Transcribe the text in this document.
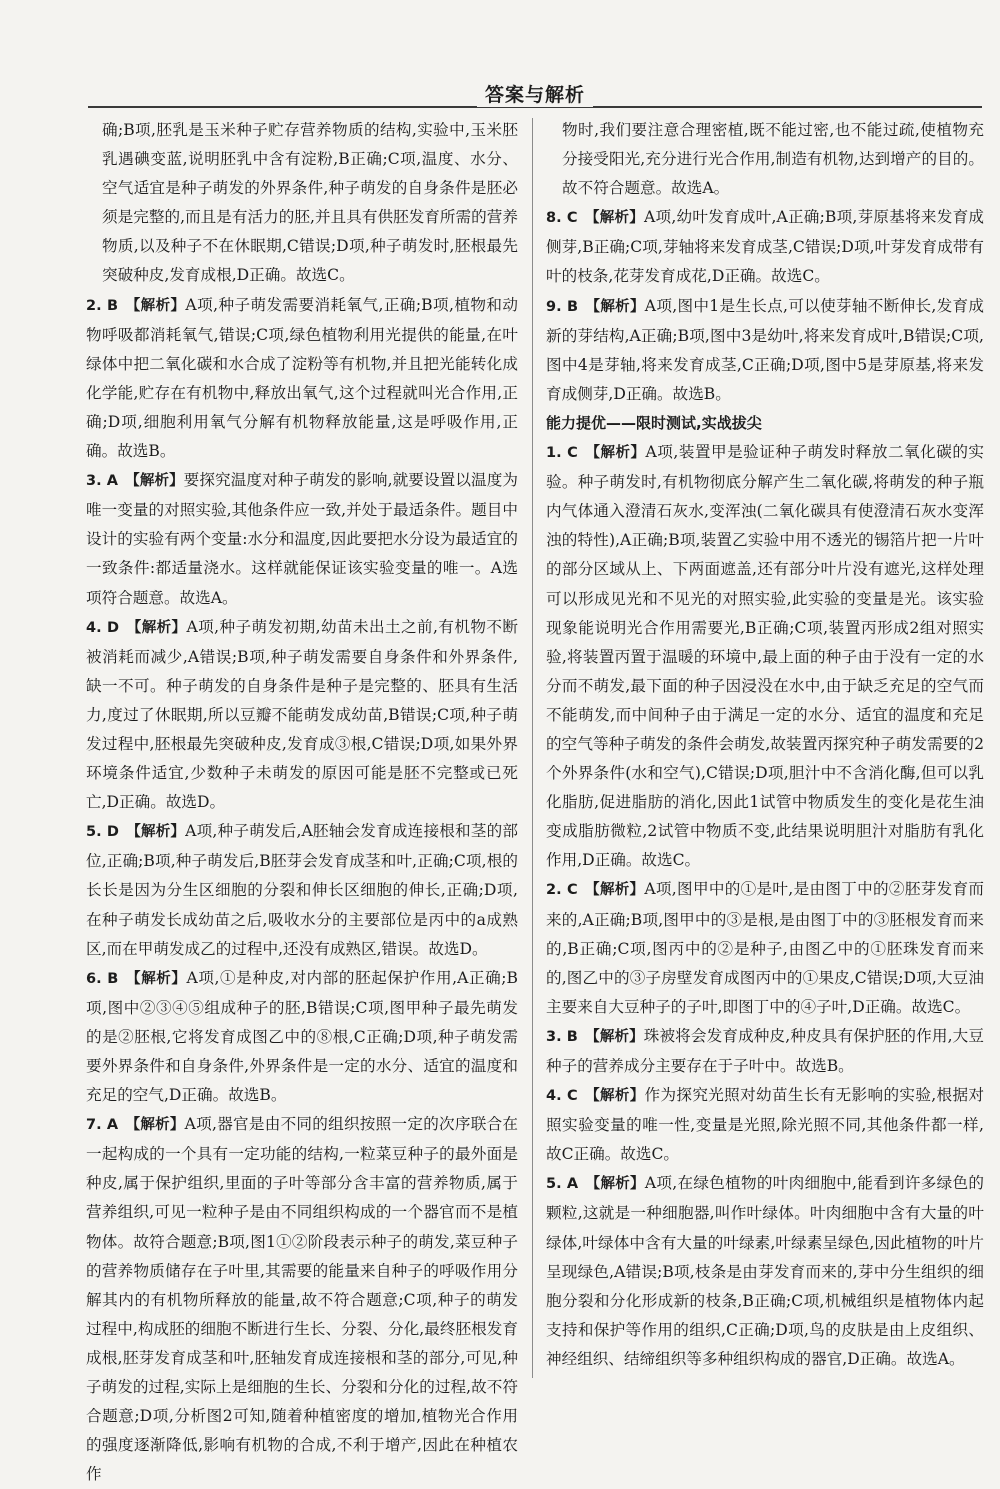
答案与解析

确;B项,胚乳是玉米种子贮存营养物质的结构,实验中,玉米胚乳遇碘变蓝,说明胚乳中含有淀粉,B正确;C项,温度、水分、空气适宜是种子萌发的外界条件,种子萌发的自身条件是胚必须是完整的,而且是有活力的胚,并且具有供胚发育所需的营养物质,以及种子不在休眠期,C错误;D项,种子萌发时,胚根最先突破种皮,发育成根,D正确。故选C。

2. B 【解析】A项,种子萌发需要消耗氧气,正确;B项,植物和动物呼吸都消耗氧气,错误;C项,绿色植物利用光提供的能量,在叶绿体中把二氧化碳和水合成了淀粉等有机物,并且把光能转化成化学能,贮存在有机物中,释放出氧气,这个过程就叫光合作用,正确;D项,细胞利用氧气分解有机物释放能量,这是呼吸作用,正确。故选B。

3. A 【解析】要探究温度对种子萌发的影响,就要设置以温度为唯一变量的对照实验,其他条件应一致,并处于最适条件。题目中设计的实验有两个变量:水分和温度,因此要把水分设为最适宜的一致条件:都适量浇水。这样就能保证该实验变量的唯一。A选项符合题意。故选A。

4. D 【解析】A项,种子萌发初期,幼苗未出土之前,有机物不断被消耗而减少,A错误;B项,种子萌发需要自身条件和外界条件,缺一不可。种子萌发的自身条件是种子是完整的、胚具有生活力,度过了休眠期,所以豆瓣不能萌发成幼苗,B错误;C项,种子萌发过程中,胚根最先突破种皮,发育成③根,C错误;D项,如果外界环境条件适宜,少数种子未萌发的原因可能是胚不完整或已死亡,D正确。故选D。

5. D 【解析】A项,种子萌发后,A胚轴会发育成连接根和茎的部位,正确;B项,种子萌发后,B胚芽会发育成茎和叶,正确;C项,根的长长是因为分生区细胞的分裂和伸长区细胞的伸长,正确;D项,在种子萌发长成幼苗之后,吸收水分的主要部位是丙中的a成熟区,而在甲萌发成乙的过程中,还没有成熟区,错误。故选D。

6. B 【解析】A项,①是种皮,对内部的胚起保护作用,A正确;B项,图中②③④⑤组成种子的胚,B错误;C项,图甲种子最先萌发的是②胚根,它将发育成图乙中的⑧根,C正确;D项,种子萌发需要外界条件和自身条件,外界条件是一定的水分、适宜的温度和充足的空气,D正确。故选B。

7. A 【解析】A项,器官是由不同的组织按照一定的次序联合在一起构成的一个具有一定功能的结构,一粒菜豆种子的最外面是种皮,属于保护组织,里面的子叶等部分含丰富的营养物质,属于营养组织,可见一粒种子是由不同组织构成的一个器官而不是植物体。故符合题意;B项,图1①②阶段表示种子的萌发,菜豆种子的营养物质储存在子叶里,其需要的能量来自种子的呼吸作用分解其内的有机物所释放的能量,故不符合题意;C项,种子的萌发过程中,构成胚的细胞不断进行生长、分裂、分化,最终胚根发育成根,胚芽发育成茎和叶,胚轴发育成连接根和茎的部分,可见,种子萌发的过程,实际上是细胞的生长、分裂和分化的过程,故不符合题意;D项,分析图2可知,随着种植密度的增加,植物光合作用的强度逐渐降低,影响有机物的合成,不利于增产,因此在种植农作

物时,我们要注意合理密植,既不能过密,也不能过疏,使植物充分接受阳光,充分进行光合作用,制造有机物,达到增产的目的。故不符合题意。故选A。

8. C 【解析】A项,幼叶发育成叶,A正确;B项,芽原基将来发育成侧芽,B正确;C项,芽轴将来发育成茎,C错误;D项,叶芽发育成带有叶的枝条,花芽发育成花,D正确。故选C。

9. B 【解析】A项,图中1是生长点,可以使芽轴不断伸长,发育成新的芽结构,A正确;B项,图中3是幼叶,将来发育成叶,B错误;C项,图中4是芽轴,将来发育成茎,C正确;D项,图中5是芽原基,将来发育成侧芽,D正确。故选B。

能力提优——限时测试,实战拔尖

1. C 【解析】A项,装置甲是验证种子萌发时释放二氧化碳的实验。种子萌发时,有机物彻底分解产生二氧化碳,将萌发的种子瓶内气体通入澄清石灰水,变浑浊(二氧化碳具有使澄清石灰水变浑浊的特性),A正确;B项,装置乙实验中用不透光的锡箔片把一片叶的部分区域从上、下两面遮盖,还有部分叶片没有遮光,这样处理可以形成见光和不见光的对照实验,此实验的变量是光。该实验现象能说明光合作用需要光,B正确;C项,装置丙形成2组对照实验,将装置丙置于温暖的环境中,最上面的种子由于没有一定的水分而不萌发,最下面的种子因浸没在水中,由于缺乏充足的空气而不能萌发,而中间种子由于满足一定的水分、适宜的温度和充足的空气等种子萌发的条件会萌发,故装置丙探究种子萌发需要的2个外界条件(水和空气),C错误;D项,胆汁中不含消化酶,但可以乳化脂肪,促进脂肪的消化,因此1试管中物质发生的变化是花生油变成脂肪微粒,2试管中物质不变,此结果说明胆汁对脂肪有乳化作用,D正确。故选C。

2. C 【解析】A项,图甲中的①是叶,是由图丁中的②胚芽发育而来的,A正确;B项,图甲中的③是根,是由图丁中的③胚根发育而来的,B正确;C项,图丙中的②是种子,由图乙中的①胚珠发育而来的,图乙中的③子房壁发育成图丙中的①果皮,C错误;D项,大豆油主要来自大豆种子的子叶,即图丁中的④子叶,D正确。故选C。

3. B 【解析】珠被将会发育成种皮,种皮具有保护胚的作用,大豆种子的营养成分主要存在于子叶中。故选B。

4. C 【解析】作为探究光照对幼苗生长有无影响的实验,根据对照实验变量的唯一性,变量是光照,除光照不同,其他条件都一样,故C正确。故选C。

5. A 【解析】A项,在绿色植物的叶肉细胞中,能看到许多绿色的颗粒,这就是一种细胞器,叫作叶绿体。叶肉细胞中含有大量的叶绿体,叶绿体中含有大量的叶绿素,叶绿素呈绿色,因此植物的叶片呈现绿色,A错误;B项,枝条是由芽发育而来的,芽中分生组织的细胞分裂和分化形成新的枝条,B正确;C项,机械组织是植物体内起支持和保护等作用的组织,C正确;D项,鸟的皮肤是由上皮组织、神经组织、结缔组织等多种组织构成的器官,D正确。故选A。
